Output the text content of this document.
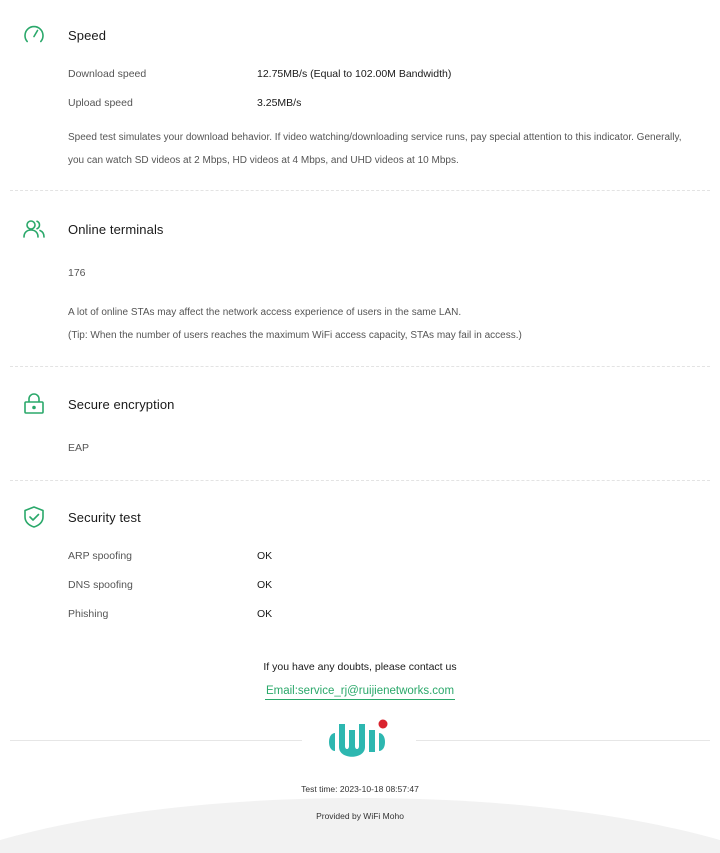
Speed
Download speed	12.75MB/s (Equal to 102.00M Bandwidth)
Upload speed	3.25MB/s
Speed test simulates your download behavior. If video watching/downloading service runs, pay special attention to this indicator. Generally,
you can watch SD videos at 2 Mbps, HD videos at 4 Mbps, and UHD videos at 10 Mbps.
Online terminals
176
A lot of online STAs may affect the network access experience of users in the same LAN.
(Tip: When the number of users reaches the maximum WiFi access capacity, STAs may fail in access.)
Secure encryption
EAP
Security test
ARP spoofing	OK
DNS spoofing	OK
Phishing	OK
If you have any doubts, please contact us
Email:service_rj@ruijienetworks.com
Test time: 2023-10-18 08:57:47
Provided by WiFi Moho
